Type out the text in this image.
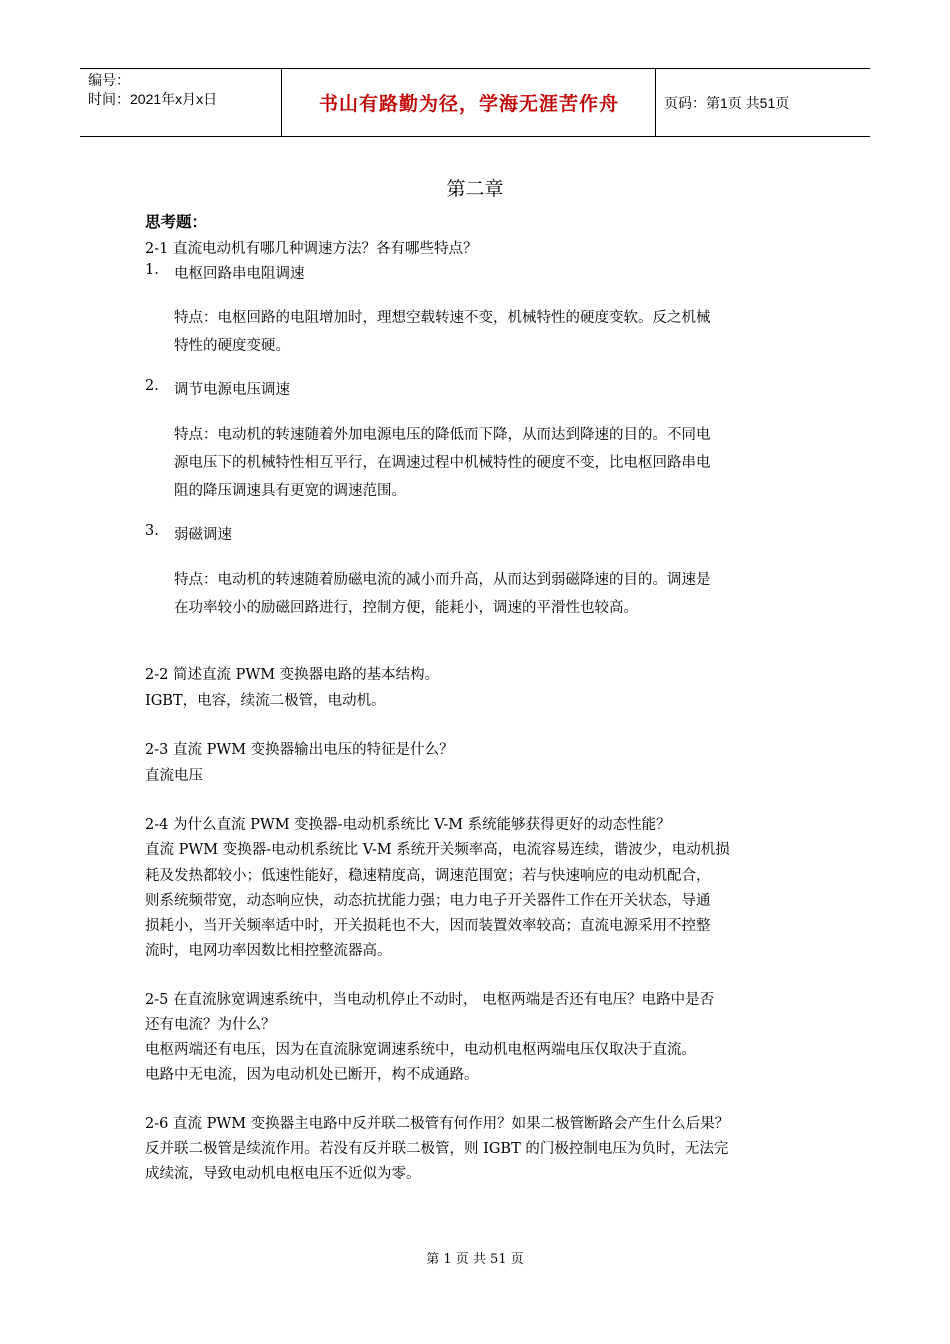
编号：
时间：2021年x月x日	书山有路勤为径，学海无涯苦作舟	页码：第1页 共51页
第二章
思考题：
2-1 直流电动机有哪几种调速方法？各有哪些特点？
1. 电枢回路串电阻调速
特点：电枢回路的电阻增加时，理想空载转速不变，机械特性的硬度变软。反之机械
特性的硬度变硬。
2. 调节电源电压调速
特点：电动机的转速随着外加电源电压的降低而下降，从而达到降速的目的。不同电
源电压下的机械特性相互平行，在调速过程中机械特性的硬度不变，比电枢回路串电
阻的降压调速具有更宽的调速范围。
3. 弱磁调速
特点：电动机的转速随着励磁电流的减小而升高，从而达到弱磁降速的目的。调速是
在功率较小的励磁回路进行，控制方便，能耗小，调速的平滑性也较高。
2-2 简述直流 PWM 变换器电路的基本结构。
IGBT，电容，续流二极管，电动机。
2-3 直流 PWM 变换器输出电压的特征是什么？
直流电压
2-4 为什么直流 PWM 变换器-电动机系统比 V-M 系统能够获得更好的动态性能？
直流 PWM 变换器-电动机系统比 V-M 系统开关频率高，电流容易连续，谐波少，电动机损
耗及发热都较小；低速性能好，稳速精度高，调速范围宽；若与快速响应的电动机配合，
则系统频带宽，动态响应快，动态抗扰能力强；电力电子开关器件工作在开关状态，导通
损耗小，当开关频率适中时，开关损耗也不大，因而装置效率较高；直流电源采用不控整
流时，电网功率因数比相控整流器高。
2-5 在直流脉宽调速系统中，当电动机停止不动时， 电枢两端是否还有电压？电路中是否
还有电流？为什么？
电枢两端还有电压，因为在直流脉宽调速系统中，电动机电枢两端电压仅取决于直流。
电路中无电流，因为电动机处已断开，构不成通路。
2-6 直流 PWM 变换器主电路中反并联二极管有何作用？如果二极管断路会产生什么后果？
反并联二极管是续流作用。若没有反并联二极管，则 IGBT 的门极控制电压为负时，无法完
成续流，导致电动机电枢电压不近似为零。
第 1 页 共 51 页
